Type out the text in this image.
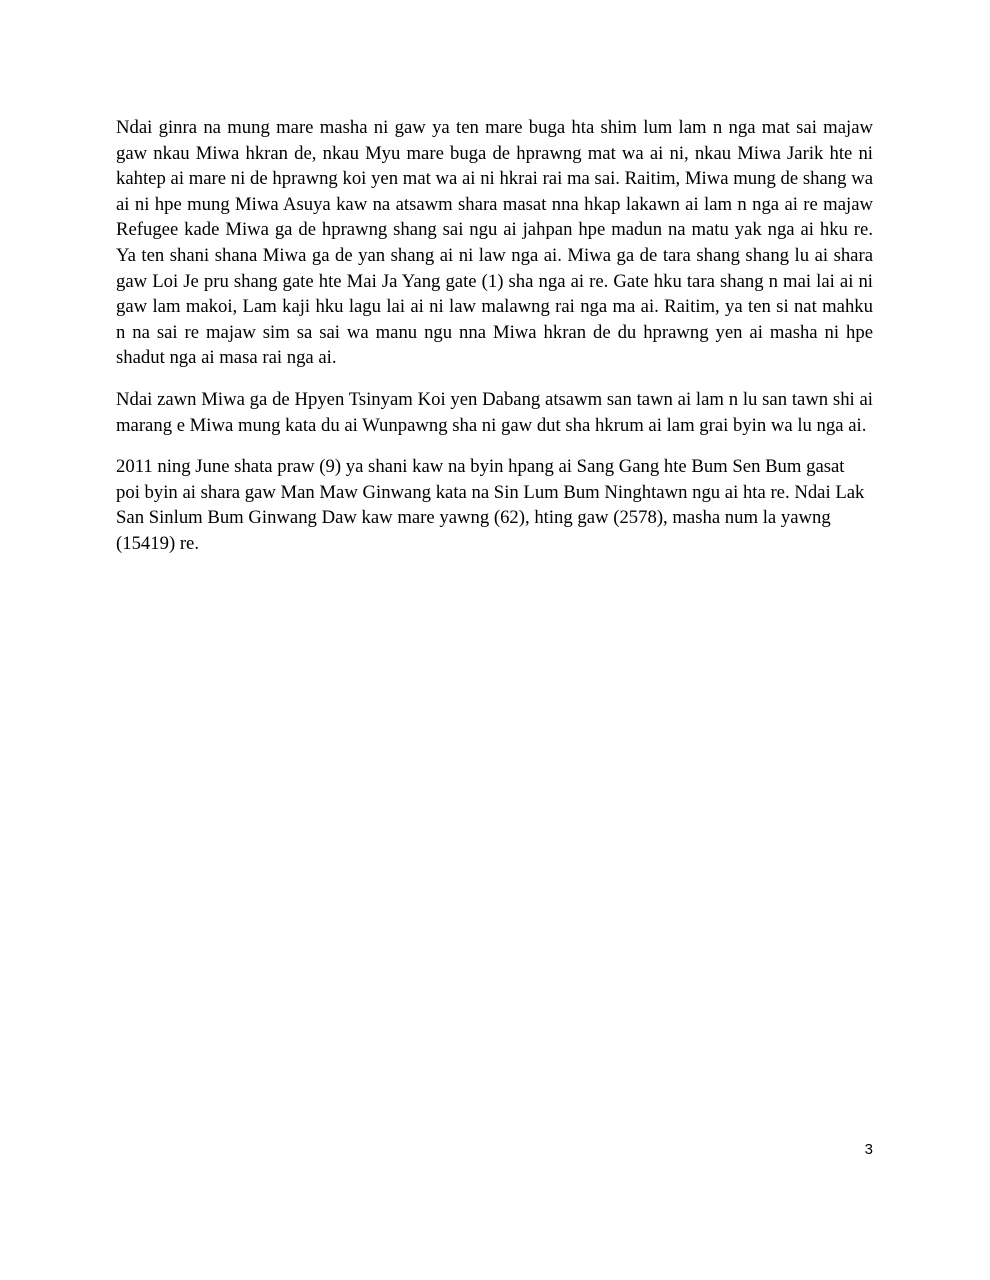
Ndai ginra na mung mare masha ni gaw ya ten mare buga hta shim lum lam n nga mat sai majaw gaw nkau Miwa hkran de, nkau Myu mare buga de hprawng mat wa ai ni, nkau Miwa Jarik hte ni kahtep ai mare ni de hprawng koi yen mat wa ai ni hkrai rai ma sai. Raitim, Miwa mung de shang wa ai ni hpe mung Miwa Asuya kaw na atsawm shara masat nna hkap lakawn ai lam n nga ai re majaw Refugee kade Miwa ga de hprawng shang sai ngu ai jahpan hpe madun na matu yak nga ai hku re. Ya ten shani shana Miwa ga de yan shang ai ni law nga ai. Miwa ga de tara shang shang lu ai shara gaw Loi Je pru shang gate hte Mai Ja Yang gate (1) sha nga ai re. Gate hku tara shang n mai lai ai ni gaw lam makoi, Lam kaji hku lagu lai ai ni law malawng rai nga ma ai. Raitim, ya ten si nat mahku n na sai re majaw sim sa sai wa manu ngu nna Miwa hkran de du hprawng yen ai masha ni hpe shadut nga ai masa rai nga ai.

Ndai zawn Miwa ga de Hpyen Tsinyam Koi yen Dabang atsawm san tawn ai lam n lu san tawn shi ai marang e Miwa mung kata du ai Wunpawng sha ni gaw dut sha hkrum ai lam grai byin wa lu nga ai.

2011 ning June shata praw (9) ya shani kaw na byin hpang ai Sang Gang hte Bum Sen Bum gasat poi byin ai shara gaw Man Maw Ginwang kata na Sin Lum Bum Ninghtawn ngu ai hta re. Ndai Lak San Sinlum Bum Ginwang Daw kaw mare yawng (62), hting gaw (2578), masha num la yawng (15419) re.

3
